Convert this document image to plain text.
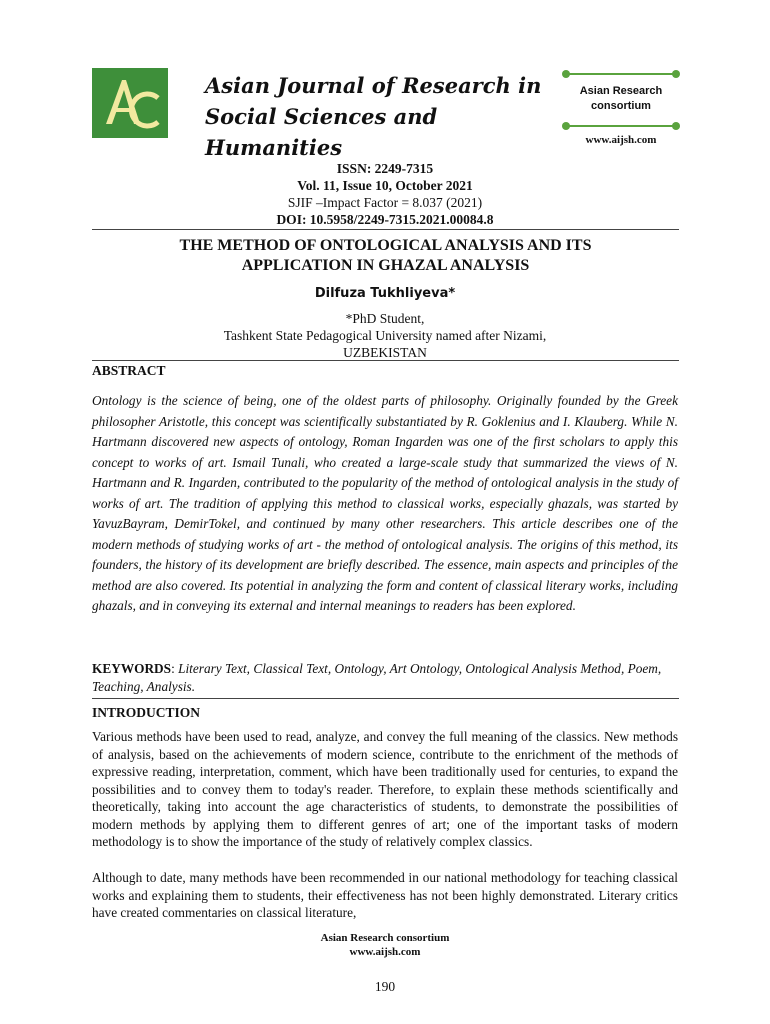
Asian Journal of Research in
Social Sciences and Humanities
Asian Research
consortium
www.aijsh.com
ISSN: 2249-7315
Vol. 11, Issue 10, October 2021
SJIF –Impact Factor = 8.037 (2021)
DOI: 10.5958/2249-7315.2021.00084.8
THE METHOD OF ONTOLOGICAL ANALYSIS AND ITS
APPLICATION IN GHAZAL ANALYSIS
Dilfuza Tukhliyeva*
*PhD Student,
Tashkent State Pedagogical University named after Nizami,
UZBEKISTAN
ABSTRACT

Ontology is the science of being, one of the oldest parts of philosophy. Originally founded by the Greek philosopher Aristotle, this concept was scientifically substantiated by R. Goklenius and I. Klauberg. While N. Hartmann discovered new aspects of ontology, Roman Ingarden was one of the first scholars to apply this concept to works of art. Ismail Tunali, who created a large-scale study that summarized the views of N. Hartmann and R. Ingarden, contributed to the popularity of the method of ontological analysis in the study of works of art. The tradition of applying this method to classical works, especially ghazals, was started by YavuzBayram, DemirTokel, and continued by many other researchers. This article describes one of the modern methods of studying works of art - the method of ontological analysis. The origins of this method, its founders, the history of its development are briefly described. The essence, main aspects and principles of the method are also covered. Its potential in analyzing the form and content of classical literary works, including ghazals, and in conveying its external and internal meanings to readers has been explored.

KEYWORDS: Literary Text, Classical Text, Ontology, Art Ontology, Ontological Analysis Method, Poem, Teaching, Analysis.

INTRODUCTION

Various methods have been used to read, analyze, and convey the full meaning of the classics. New methods of analysis, based on the achievements of modern science, contribute to the enrichment of the methods of expressive reading, interpretation, comment, which have been traditionally used for centuries, to expand the possibilities and to convey them to today's reader. Therefore, to explain these methods scientifically and theoretically, taking into account the age characteristics of students, to demonstrate the possibilities of modern methods by applying them to different genres of art; one of the important tasks of modern methodology is to show the importance of the study of relatively complex classics.

Although to date, many methods have been recommended in our national methodology for teaching classical works and explaining them to students, their effectiveness has not been highly demonstrated. Literary critics have created commentaries on classical literature,

Asian Research consortium
www.aijsh.com
190
